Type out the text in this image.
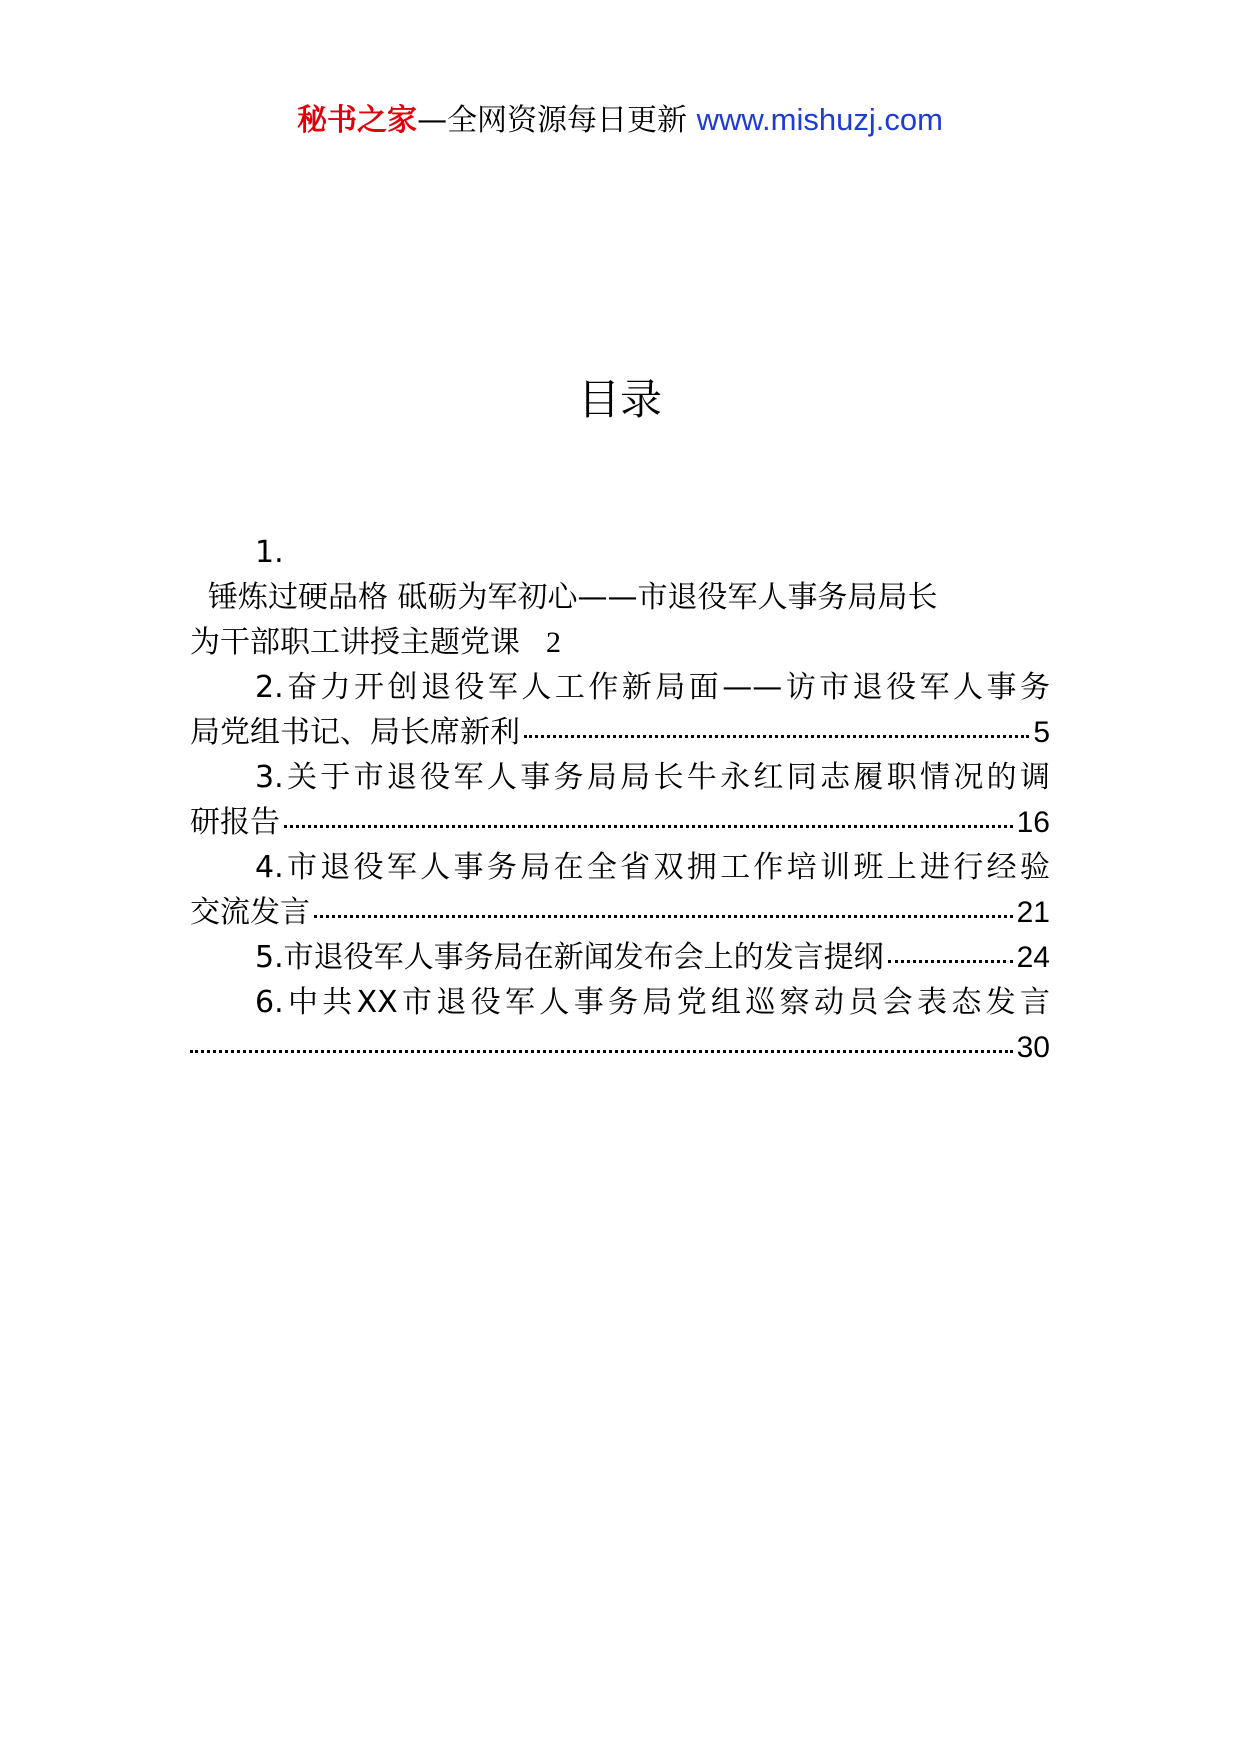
秘书之家—全网资源每日更新 www.mishuzj.com
目录
1.
锤炼过硬品格 砥砺为军初心——市退役军人事务局局长
为干部职工讲授主题党课 2
2.奋力开创退役军人工作新局面——访市退役军人事务
局党组书记、局长席新利	5
3.关于市退役军人事务局局长牛永红同志履职情况的调
研报告	16
4.市退役军人事务局在全省双拥工作培训班上进行经验
交流发言	21
5.市退役军人事务局在新闻发布会上的发言提纲	24
6.中共XX市退役军人事务局党组巡察动员会表态发言
30
